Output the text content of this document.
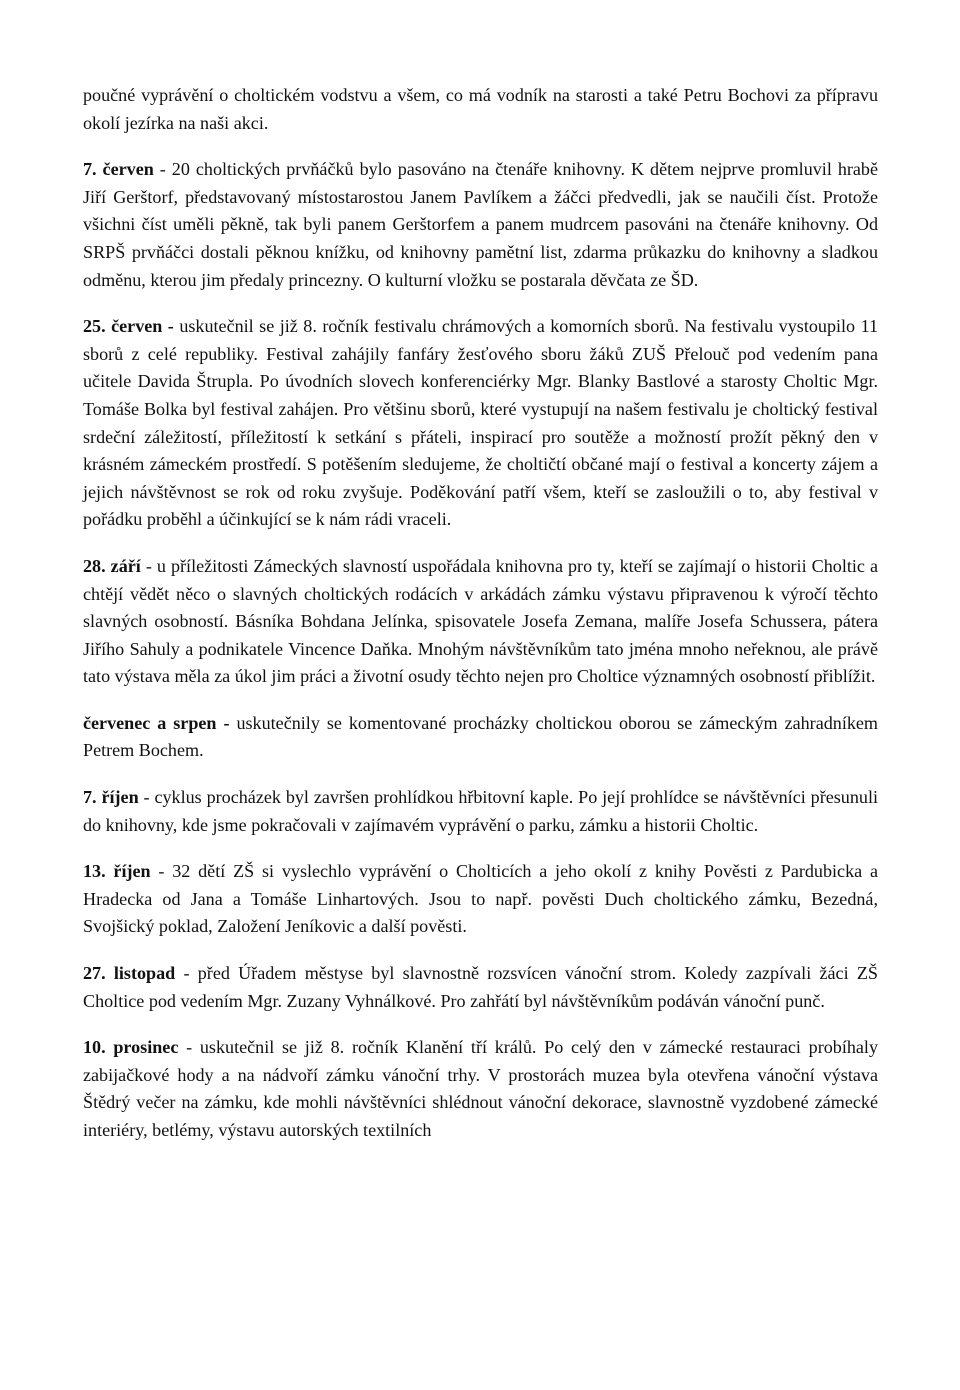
poučné vyprávění o choltickém vodstvu a všem, co má vodník na starosti a také Petru Bochovi za přípravu okolí jezírka na naši akci.

7. červen - 20 choltických prvňáčků bylo pasováno na čtenáře knihovny. K dětem nejprve promluvil hrabě Jiří Gerštorf, představovaný místostarostou Janem Pavlíkem a žáčci předvedli, jak se naučili číst. Protože všichni číst uměli pěkně, tak byli panem Gerštorfem a panem mudrcem pasováni na čtenáře knihovny. Od SRPŠ prvňáčci dostali pěknou knížku, od knihovny pamětní list, zdarma průkazku do knihovny a sladkou odměnu, kterou jim předaly princezny. O kulturní vložku se postarala děvčata ze ŠD.

25. červen - uskutečnil se již 8. ročník festivalu chrámových a komorních sborů. Na festivalu vystoupilo 11 sborů z celé republiky. Festival zahájily fanfáry žesťového sboru žáků ZUŠ Přelouč pod vedením pana učitele Davida Štrupla. Po úvodních slovech konferenciérky Mgr. Blanky Bastlové a starosty Choltic Mgr. Tomáše Bolka byl festival zahájen. Pro většinu sborů, které vystupují na našem festivalu je choltický festival srdeční záležitostí, příležitostí k setkání s přáteli, inspirací pro soutěže a možností prožít pěkný den v krásném zámeckém prostředí. S potěšením sledujeme, že choltičtí občané mají o festival a koncerty zájem a jejich návštěvnost se rok od roku zvyšuje. Poděkování patří všem, kteří se zasloužili o to, aby festival v pořádku proběhl a účinkující se k nám rádi vraceli.

28. září - u příležitosti Zámeckých slavností uspořádala knihovna pro ty, kteří se zajímají o historii Choltic a chtějí vědět něco o slavných choltických rodácích v arkádách zámku výstavu připravenou k výročí těchto slavných osobností. Básníka Bohdana Jelínka, spisovatele Josefa Zemana, malíře Josefa Schussera, pátera Jiřího Sahuly a podnikatele Vincence Daňka. Mnohým návštěvníkům tato jména mnoho neřeknou, ale právě tato výstava měla za úkol jim práci a životní osudy těchto nejen pro Choltice významných osobností přiblížit.

červenec a srpen - uskutečnily se komentované procházky choltickou oborou se zámeckým zahradníkem Petrem Bochem.

7. říjen - cyklus procházek byl završen prohlídkou hřbitovní kaple. Po její prohlídce se návštěvníci přesunuli do knihovny, kde jsme pokračovali v zajímavém vyprávění o parku, zámku a historii Choltic.

13. říjen - 32 dětí ZŠ si vyslechlo vyprávění o Cholticích a jeho okolí z knihy Pověsti z Pardubicka a Hradecka od Jana a Tomáše Linhartových. Jsou to např. pověsti Duch choltického zámku, Bezedná, Svojšický poklad, Založení Jeníkovic a další pověsti.

27. listopad - před Úřadem městyse byl slavnostně rozsvícen vánoční strom. Koledy zazpívali žáci ZŠ Choltice pod vedením Mgr. Zuzany Vyhnálkové. Pro zahřátí byl návštěvníkům podáván vánoční punč.

10. prosinec - uskutečnil se již 8. ročník Klanění tří králů. Po celý den v zámecké restauraci probíhaly zabijačkové hody a na nádvoří zámku vánoční trhy. V prostorách muzea byla otevřena vánoční výstava Štědrý večer na zámku, kde mohli návštěvníci shlédnout vánoční dekorace, slavnostně vyzdobené zámecké interiéry, betlémy, výstavu autorských textilních
